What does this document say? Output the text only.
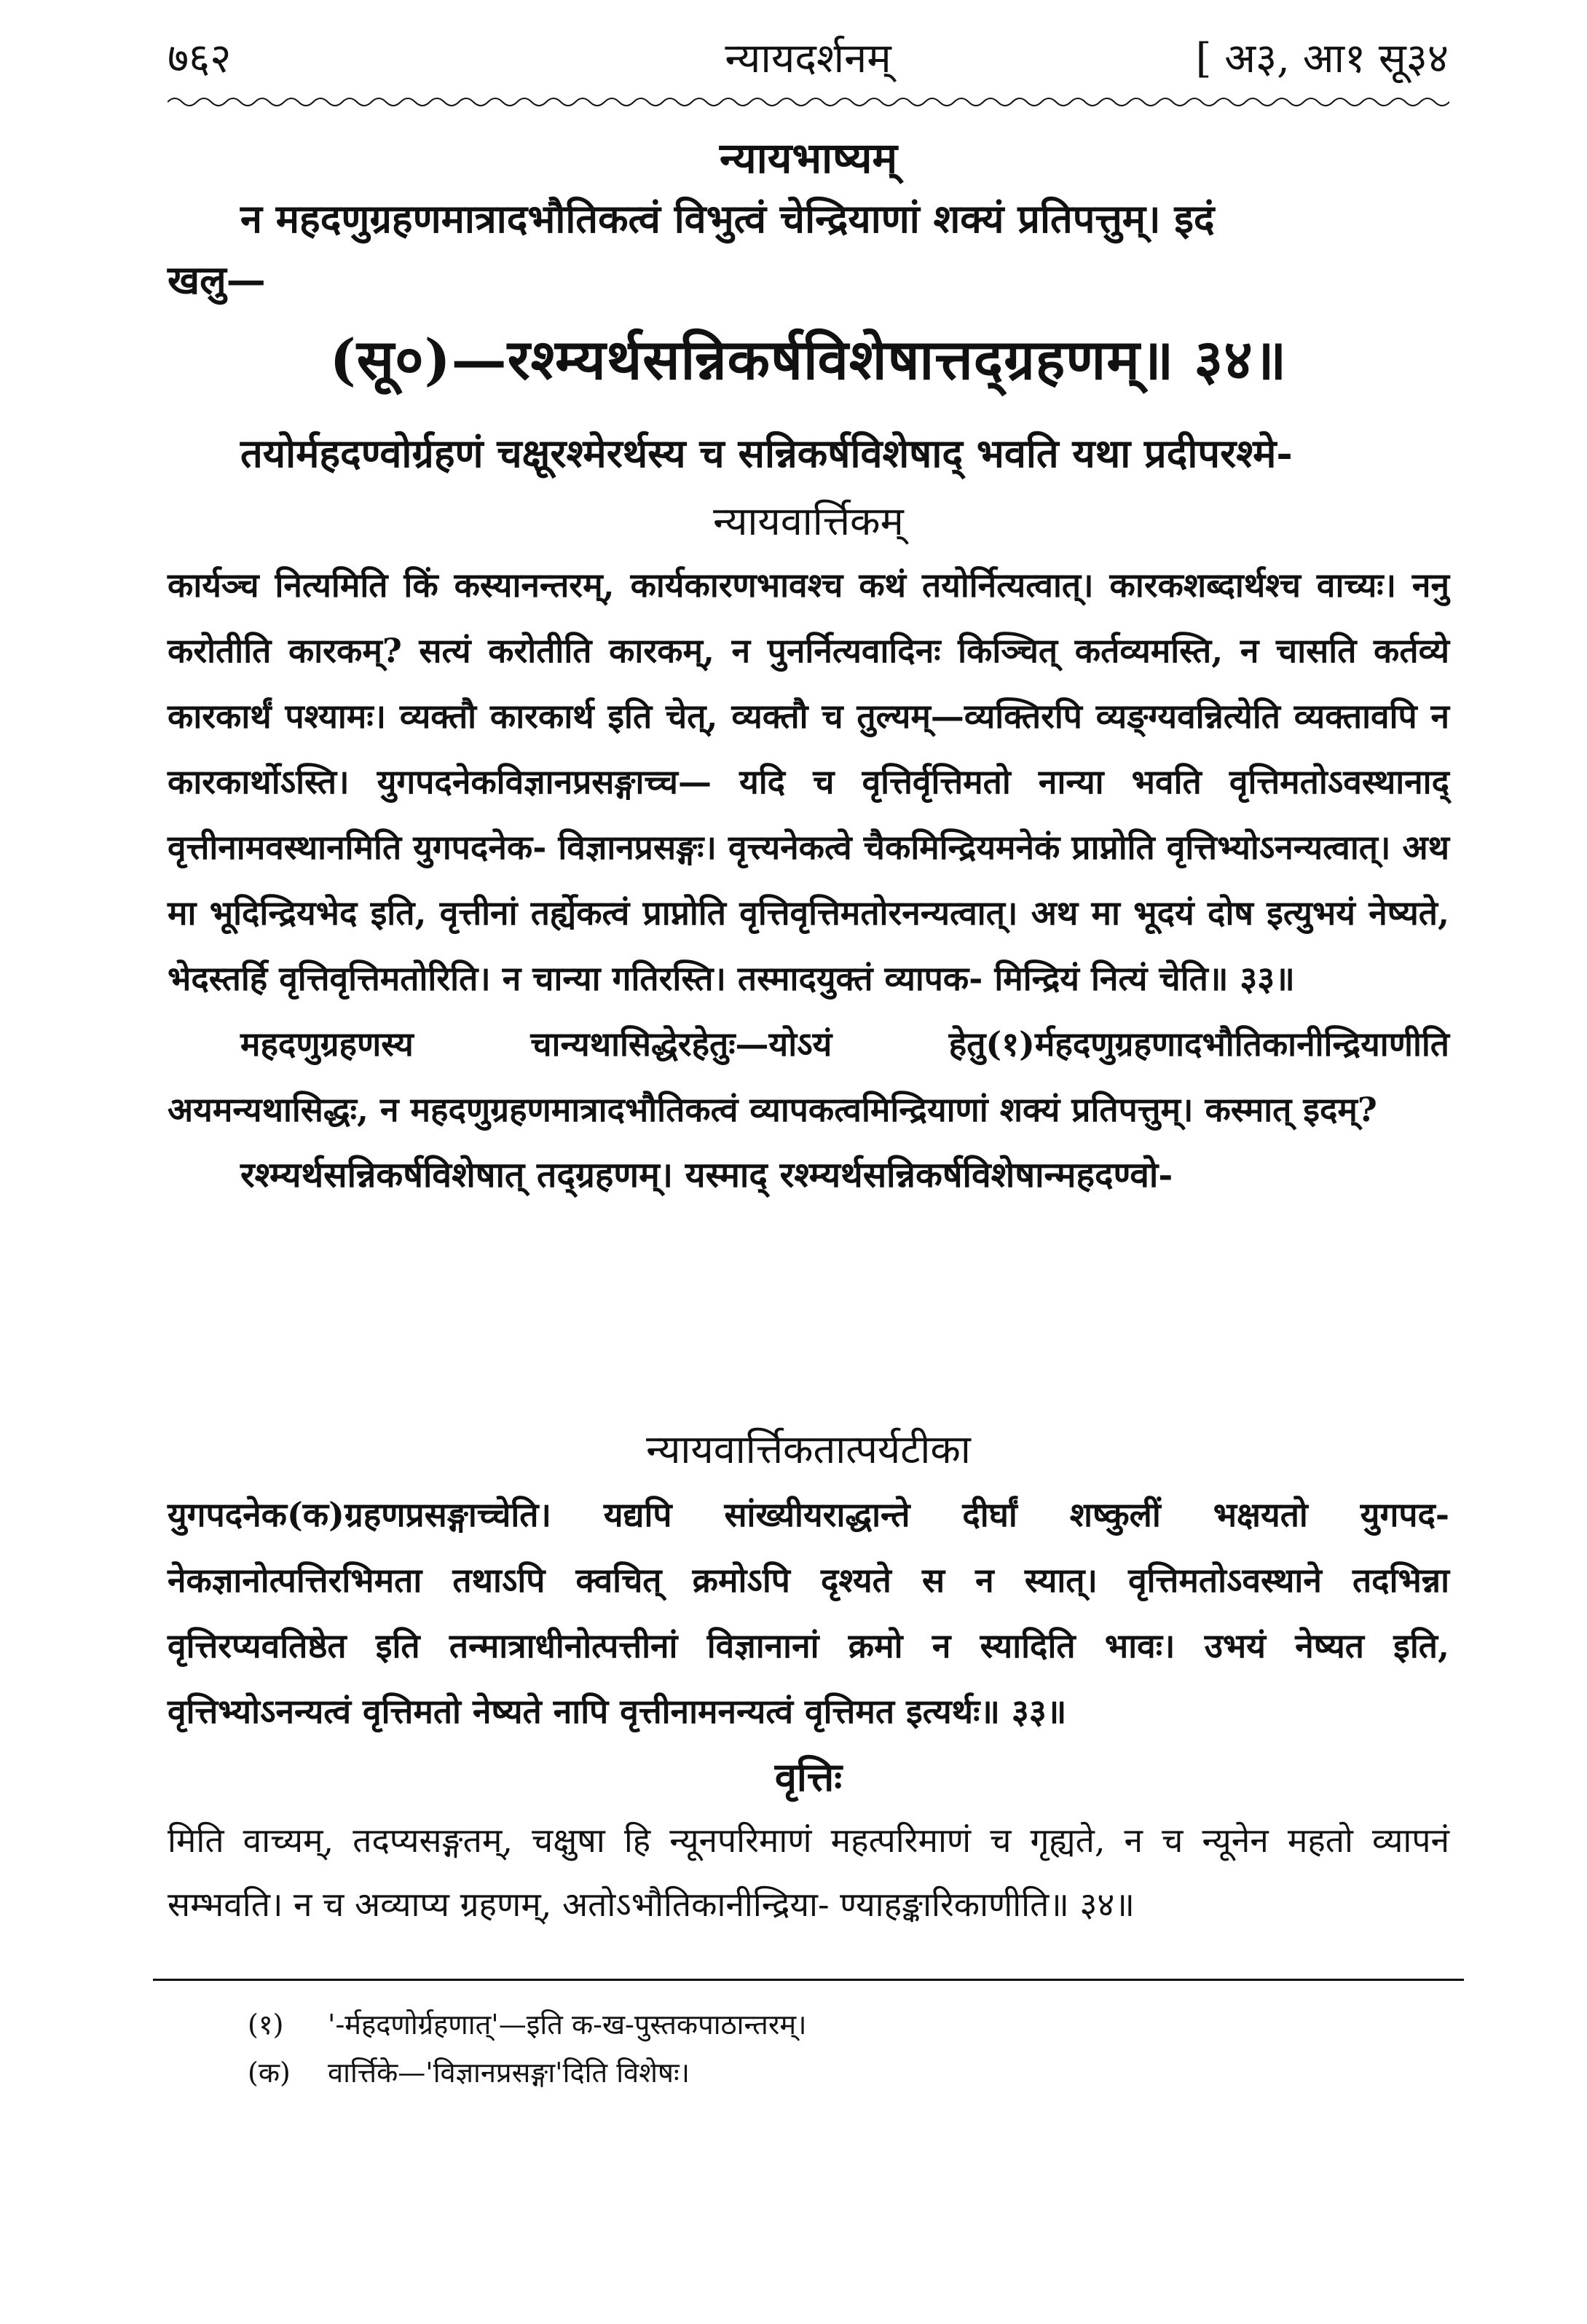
७६२	न्यायदर्शनम्	[ अ३, आ१ सू३४
न्यायभाष्यम्
न महदणुग्रहणमात्रादभौतिकत्वं विभुत्वं चेन्द्रियाणां शक्यं प्रतिपत्तुम्। इदं
खलु—
(सू०)—रश्म्यर्थसन्निकर्षविशेषात्तद्ग्रहणम्॥ ३४॥
तयोर्महदण्वोर्ग्रहणं चक्षूरश्मेरर्थस्य च सन्निकर्षविशेषाद् भवति यथा प्रदीपरश्मे-
न्यायवार्त्तिकम्
कार्यञ्च नित्यमिति किं कस्यानन्तरम्, कार्यकारणभावश्च कथं तयोर्नित्यत्वात्। कारकशब्दार्थश्च वाच्यः। ननु करोतीति कारकम्? सत्यं करोतीति कारकम्, न पुनर्नित्यवादिनः किञ्चित् कर्तव्यमस्ति, न चासति कर्तव्ये कारकार्थं पश्यामः। व्यक्तौ कारकार्थ इति चेत्, व्यक्तौ च तुल्यम्—व्यक्तिरपि व्यङ्ग्यवन्नित्येति व्यक्तावपि न कारकार्थोऽस्ति। युगपदनेकविज्ञानप्रसङ्गाच्च— यदि च वृत्तिर्वृत्तिमतो नान्या भवति वृत्तिमतोऽवस्थानाद् वृत्तीनामवस्थानमिति युगपदनेक- विज्ञानप्रसङ्गः। वृत्त्यनेकत्वे चैकमिन्द्रियमनेकं प्राप्नोति वृत्तिभ्योऽनन्यत्वात्। अथ मा भूदिन्द्रियभेद इति, वृत्तीनां तर्ह्येकत्वं प्राप्नोति वृत्तिवृत्तिमतोरनन्यत्वात्। अथ मा भूदयं दोष इत्युभयं नेष्यते, भेदस्तर्हि वृत्तिवृत्तिमतोरिति। न चान्या गतिरस्ति। तस्मादयुक्तं व्यापक- मिन्द्रियं नित्यं चेति॥ ३३॥
महदणुग्रहणस्य चान्यथासिद्धेरहेतुः—योऽयं हेतु(१)र्महदणुग्रहणादभौतिकानीन्द्रियाणीति अयमन्यथासिद्धः, न महदणुग्रहणमात्रादभौतिकत्वं व्यापकत्वमिन्द्रियाणां शक्यं प्रतिपत्तुम्। कस्मात् इदम्?
रश्म्यर्थसन्निकर्षविशेषात् तद्ग्रहणम्। यस्माद् रश्म्यर्थसन्निकर्षविशेषान्महदण्वो-
न्यायवार्त्तिकतात्पर्यटीका
युगपदनेक(क)ग्रहणप्रसङ्गाच्चेति। यद्यपि सांख्यीयराद्धान्ते दीर्घां शष्कुलीं भक्षयतो युगपद- नेकज्ञानोत्पत्तिरभिमता तथाऽपि क्वचित् क्रमोऽपि दृश्यते स न स्यात्। वृत्तिमतोऽवस्थाने तदभिन्ना वृत्तिरप्यवतिष्ठेत इति तन्मात्राधीनोत्पत्तीनां विज्ञानानां क्रमो न स्यादिति भावः। उभयं नेष्यत इति, वृत्तिभ्योऽनन्यत्वं वृत्तिमतो नेष्यते नापि वृत्तीनामनन्यत्वं वृत्तिमत इत्यर्थः॥ ३३॥
वृत्तिः
मिति वाच्यम्, तदप्यसङ्गतम्, चक्षुषा हि न्यूनपरिमाणं महत्परिमाणं च गृह्यते, न च न्यूनेन महतो व्यापनं सम्भवति। न च अव्याप्य ग्रहणम्, अतोऽभौतिकानीन्द्रिया- ण्याहङ्कारिकाणीति॥ ३४॥
(१) '-र्महदणोर्ग्रहणात्'—इति क-ख-पुस्तकपाठान्तरम्।
(क) वार्त्तिके—'विज्ञानप्रसङ्गा'दिति विशेषः।
